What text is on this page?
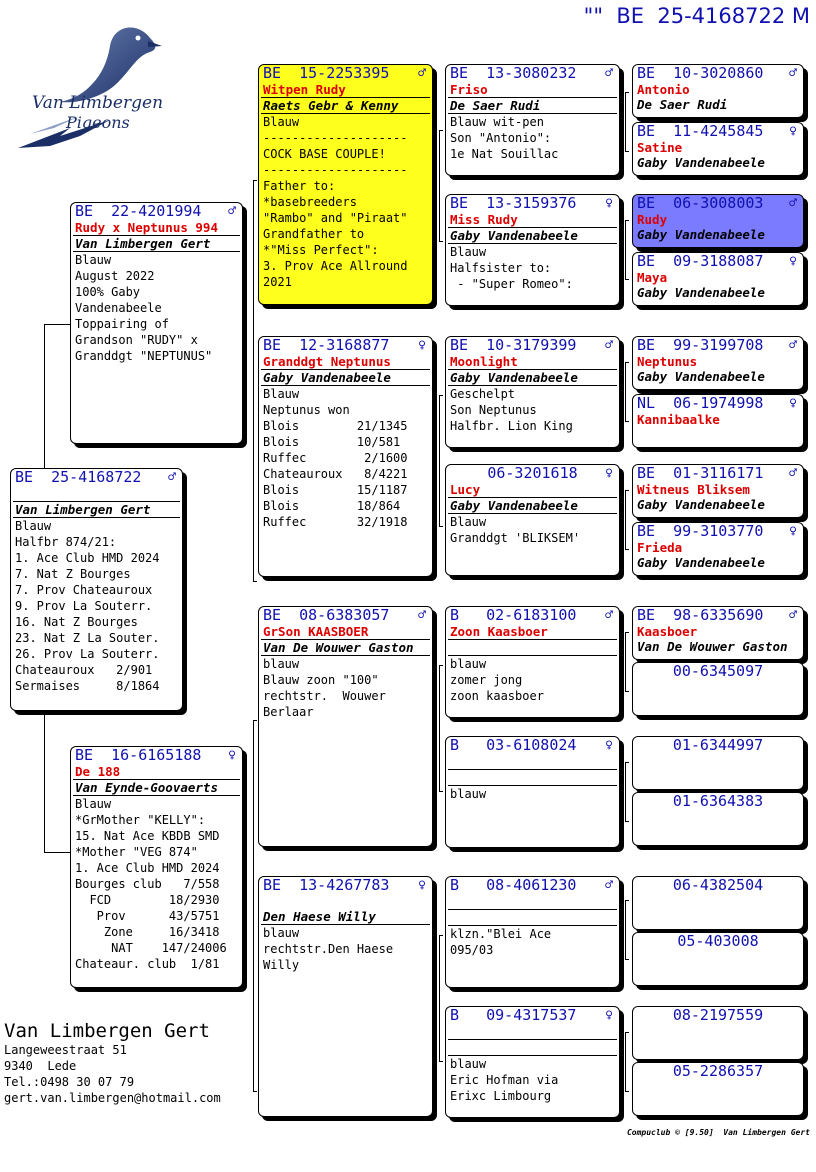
""  BE  25-4168722 M
Van Limbergen
Pigeons
BE  25-4168722 ♂
Van Limbergen Gert
Blauw
Halfbr 874/21:
1. Ace Club HMD 2024
7. Nat Z Bourges
7. Prov Chateauroux
9. Prov La Souterr.
16. Nat Z Bourges
23. Nat Z La Souter.
26. Prov La Souterr.
Chateauroux   2/901
Sermaises     8/1864
BE  22-4201994 ♂
Rudy x Neptunus 994
Van Limbergen Gert
Blauw
August 2022
100% Gaby
Vandenabeele
Toppairing of
Grandson "RUDY" x
Granddgt "NEPTUNUS"
BE  16-6165188 ♀
De 188
Van Eynde-Goovaerts
Blauw
*GrMother "KELLY":
15. Nat Ace KBDB SMD
*Mother "VEG 874"
1. Ace Club HMD 2024
Bourges club   7/558
FCD        18/2930
Prov      43/5751
Zone     16/3418
NAT    147/24006
Chateaur. club  1/81
BE  15-2253395 ♂
Witpen Rudy
Raets Gebr & Kenny
Blauw
--------------------
COCK BASE COUPLE!
--------------------
Father to:
*basebreeders
"Rambo" and "Piraat"
Grandfather to
*"Miss Perfect":
3. Prov Ace Allround
2021
BE  12-3168877 ♀
Granddgt Neptunus
Gaby Vandenabeele
Blauw
Neptunus won
Blois        21/1345
Blois        10/581
Ruffec        2/1600
Chateauroux   8/4221
Blois        15/1187
Blois        18/864
Ruffec       32/1918
BE  08-6383057 ♂
GrSon KAASBOER
Van De Wouwer Gaston
blauw
Blauw zoon "100"
rechtstr.  Wouwer
Berlaar
BE  13-4267783 ♀
Den Haese Willy
blauw
rechtstr.Den Haese
Willy
BE  13-3080232 ♂
Friso
De Saer Rudi
Blauw wit-pen
Son "Antonio":
1e Nat Souillac
BE  13-3159376 ♀
Miss Rudy
Gaby Vandenabeele
Blauw
Halfsister to:
- "Super Romeo":
BE  10-3179399 ♂
Moonlight
Gaby Vandenabeele
Geschelpt
Son Neptunus
Halfbr. Lion King
06-3201618 ♀
Lucy
Gaby Vandenabeele
Blauw
Granddgt 'BLIKSEM'
B   02-6183100 ♂
Zoon Kaasboer
blauw
zomer jong
zoon kaasboer
B   03-6108024 ♀
blauw
B   08-4061230 ♂
klzn."Blei Ace
095/03
B   09-4317537 ♀
blauw
Eric Hofman via
Erixc Limbourg
BE  10-3020860 ♂
Antonio
De Saer Rudi
BE  11-4245845 ♀
Satine
Gaby Vandenabeele
BE  06-3008003 ♂
Rudy
Gaby Vandenabeele
BE  09-3188087 ♀
Maya
Gaby Vandenabeele
BE  99-3199708 ♂
Neptunus
Gaby Vandenabeele
NL  06-1974998 ♀
Kannibaalke
BE  01-3116171 ♂
Witneus Bliksem
Gaby Vandenabeele
BE  99-3103770 ♀
Frieda
Gaby Vandenabeele
BE  98-6335690 ♂
Kaasboer
Van De Wouwer Gaston
00-6345097
01-6344997
01-6364383
06-4382504
05-403008
08-2197559
05-2286357
Van Limbergen Gert
Langeweestraat 51
9340  Lede
Tel.:0498 30 07 79
gert.van.limbergen@hotmail.com
Compuclub © [9.50]  Van Limbergen Gert
